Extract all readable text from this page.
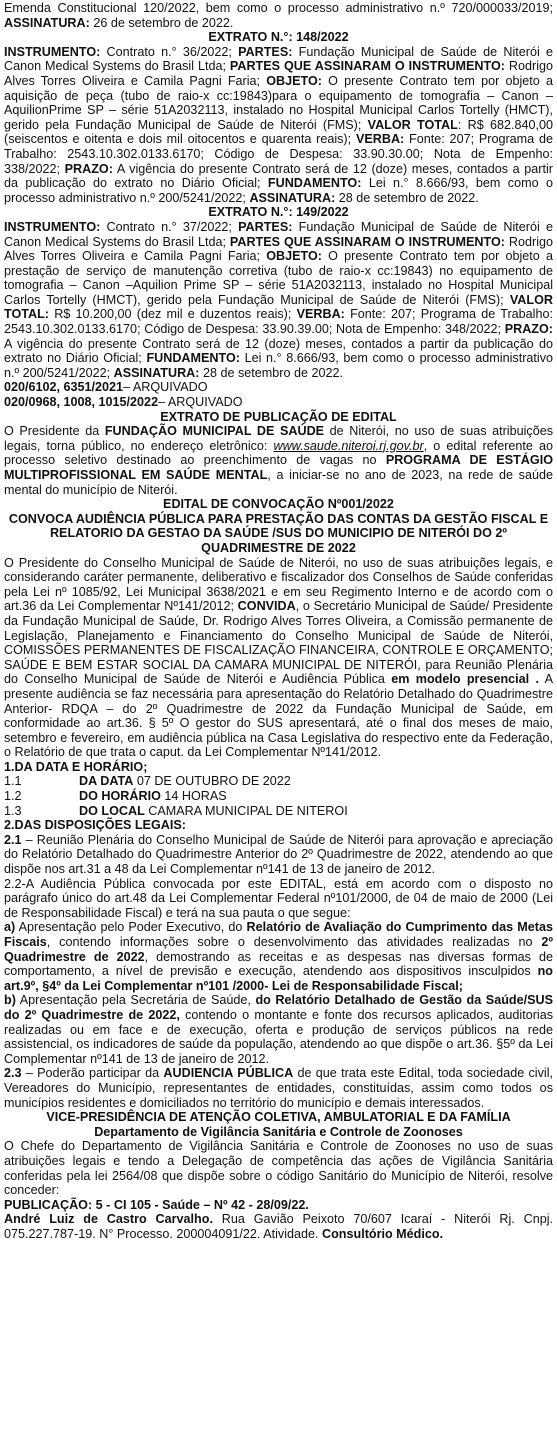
Emenda Constitucional 120/2022, bem como o processo administrativo n.º 720/000033/2019; ASSINATURA: 26 de setembro de 2022.

EXTRATO N.°: 148/2022

INSTRUMENTO: Contrato n.° 36/2022; PARTES: Fundação Municipal de Saúde de Niterói e Canon Medical Systems do Brasil Ltda; PARTES QUE ASSINARAM O INSTRUMENTO: Rodrigo Alves Torres Oliveira e Camila Pagni Faria; OBJETO: O presente Contrato tem por objeto a aquisição de peça (tubo de raio-x cc:19843)para o equipamento de tomografia – Canon –AquilionPrime SP – série 51A2032113, instalado no Hospital Municipal Carlos Tortelly (HMCT), gerido pela Fundação Municipal de Saúde de Niterói (FMS); VALOR TOTAL: R$ 682.840,00 (seiscentos e oitenta e dois mil oitocentos e quarenta reais); VERBA: Fonte: 207; Programa de Trabalho: 2543.10.302.0133.6170; Código de Despesa: 33.90.30.00; Nota de Empenho: 338/2022; PRAZO: A vigência do presente Contrato será de 12 (doze) meses, contados a partir da publicação do extrato no Diário Oficial; FUNDAMENTO: Lei n.° 8.666/93, bem como o processo administrativo n.º 200/5241/2022; ASSINATURA: 28 de setembro de 2022.

EXTRATO N.°: 149/2022

INSTRUMENTO: Contrato n.° 37/2022; PARTES: Fundação Municipal de Saúde de Niterói e Canon Medical Systems do Brasil Ltda; PARTES QUE ASSINARAM O INSTRUMENTO: Rodrigo Alves Torres Oliveira e Camila Pagni Faria; OBJETO: O presente Contrato tem por objeto a prestação de serviço de manutenção corretiva (tubo de raio-x cc:19843) no equipamento de tomografia – Canon –Aquilion Prime SP – série 51A2032113, instalado no Hospital Municipal Carlos Tortelly (HMCT), gerido pela Fundação Municipal de Saúde de Niterói (FMS); VALOR TOTAL: R$ 10.200,00 (dez mil e duzentos reais); VERBA: Fonte: 207; Programa de Trabalho: 2543.10.302.0133.6170; Código de Despesa: 33.90.39.00; Nota de Empenho: 348/2022; PRAZO: A vigência do presente Contrato será de 12 (doze) meses, contados a partir da publicação do extrato no Diário Oficial; FUNDAMENTO: Lei n.° 8.666/93, bem como o processo administrativo n.º 200/5241/2022; ASSINATURA: 28 de setembro de 2022.

020/6102, 6351/2021– ARQUIVADO

020/0968, 1008, 1015/2022– ARQUIVADO

EXTRATO DE PUBLICAÇÃO DE EDITAL

O Presidente da FUNDAÇÃO MUNICIPAL DE SAÚDE de Niterói, no uso de suas atribuições legais, torna público, no endereço eletrônico: www.saude.niteroi.rj.gov.br, o edital referente ao processo seletivo destinado ao preenchimento de vagas no PROGRAMA DE ESTÁGIO MULTIPROFISSIONAL EM SAÚDE MENTAL, a iniciar-se no ano de 2023, na rede de saúde mental do município de Niterói.

EDITAL DE CONVOCAÇÃO Nº001/2022

CONVOCA AUDIÊNCIA PÚBLICA PARA PRESTAÇÃO DAS CONTAS DA GESTÃO FISCAL E RELATORIO DA GESTAO DA SAÚDE /SUS DO MUNICIPIO DE NITERÓI DO 2º QUADRIMESTRE DE 2022

O Presidente do Conselho Municipal de Saúde de Niterói, no uso de suas atribuições legais, e considerando caráter permanente, deliberativo e fiscalizador dos Conselhos de Saúde conferidas pela Lei nº 1085/92, Lei Municipal 3638/2021 e em seu Regimento Interno e de acordo com o art.36 da Lei Complementar Nº141/2012; CONVIDA, o Secretário Municipal de Saúde/ Presidente da Fundação Municipal de Saúde, Dr. Rodrigo Alves Torres Oliveira, a Comissão permanente de Legislação, Planejamento e Financiamento do Conselho Municipal de Saúde de Niterói, COMISSÕES PERMANENTES DE FISCALIZAÇÃO FINANCEIRA, CONTROLE E ORÇAMENTO; SAÚDE E BEM ESTAR SOCIAL DA CAMARA MUNICIPAL DE NITERÓI, para Reunião Plenária do Conselho Municipal de Saúde de Niterói e Audiência Pública em modelo presencial . A presente audiência se faz necessária para apresentação do Relatório Detalhado do Quadrimestre Anterior- RDQA – do 2º Quadrimestre de 2022 da Fundação Municipal de Saúde, em conformidade ao art.36. § 5º O gestor do SUS apresentará, até o final dos meses de maio, setembro e fevereiro, em audiência pública na Casa Legislativa do respectivo ente da Federação, o Relatório de que trata o caput. da Lei Complementar Nº141/2012.

1.DA DATA E HORÁRIO;

1.1	DA DATA 07 DE OUTUBRO DE 2022
1.2	DO HORÁRIO 14 HORAS
1.3	DO LOCAL CAMARA MUNICIPAL DE NITEROI

2.DAS DISPOSIÇÕES LEGAIS:

2.1 – Reunião Plenária do Conselho Municipal de Saúde de Niterói para aprovação e apreciação do Relatório Detalhado do Quadrimestre Anterior do 2º Quadrimestre de 2022, atendendo ao que dispõe nos art.31 a 48 da Lei Complementar nº141 de 13 de janeiro de 2012.

2.2-A Audiência Pública convocada por este EDITAL, está em acordo com o disposto no parágrafo único do art.48 da Lei Complementar Federal nº101/2000, de 04 de maio de 2000 (Lei de Responsabilidade Fiscal) e terá na sua pauta o que segue:

a) Apresentação pelo Poder Executivo, do Relatório de Avaliação do Cumprimento das Metas Fiscais, contendo informações sobre o desenvolvimento das atividades realizadas no 2º Quadrimestre de 2022, demostrando as receitas e as despesas nas diversas formas de comportamento, a nível de previsão e execução, atendendo aos dispositivos insculpidos no art.9º, §4º da Lei Complementar nº101 /2000- Lei de Responsabilidade Fiscal;

b) Apresentação pela Secretária de Saúde, do Relatório Detalhado de Gestão da Saúde/SUS do 2º Quadrimestre de 2022, contendo o montante e fonte dos recursos aplicados, auditorias realizadas ou em face e de execução, oferta e produção de serviços públicos na rede assistencial, os indicadores de saúde da população, atendendo ao que dispõe o art.36. §5º da Lei Complementar nº141 de 13 de janeiro de 2012.

2.3 – Poderão participar da AUDIENCIA PÚBLICA de que trata este Edital, toda sociedade civil, Vereadores do Município, representantes de entidades, constituídas, assim como todos os municípios residentes e domiciliados no território do município e demais interessados.

VICE-PRESIDÊNCIA DE ATENÇÃO COLETIVA, AMBULATORIAL E DA FAMÍLIA

Departamento de Vigilância Sanitária e Controle de Zoonoses

O Chefe do Departamento de Vigilância Sanitária e Controle de Zoonoses no uso de suas atribuições legais e tendo a Delegação de competência das ações de Vigilância Sanitária conferidas pela lei 2564/08 que dispõe sobre o código Sanitário do Município de Niterói, resolve conceder:

PUBLICAÇÃO: 5 - CI 105 - Saúde – Nº 42 - 28/09/22.

André Luiz de Castro Carvalho. Rua Gavião Peixoto 70/607 Icaraí - Niterói Rj. Cnpj. 075.227.787-19. N° Processo. 200004091/22. Atividade. Consultório Médico.
